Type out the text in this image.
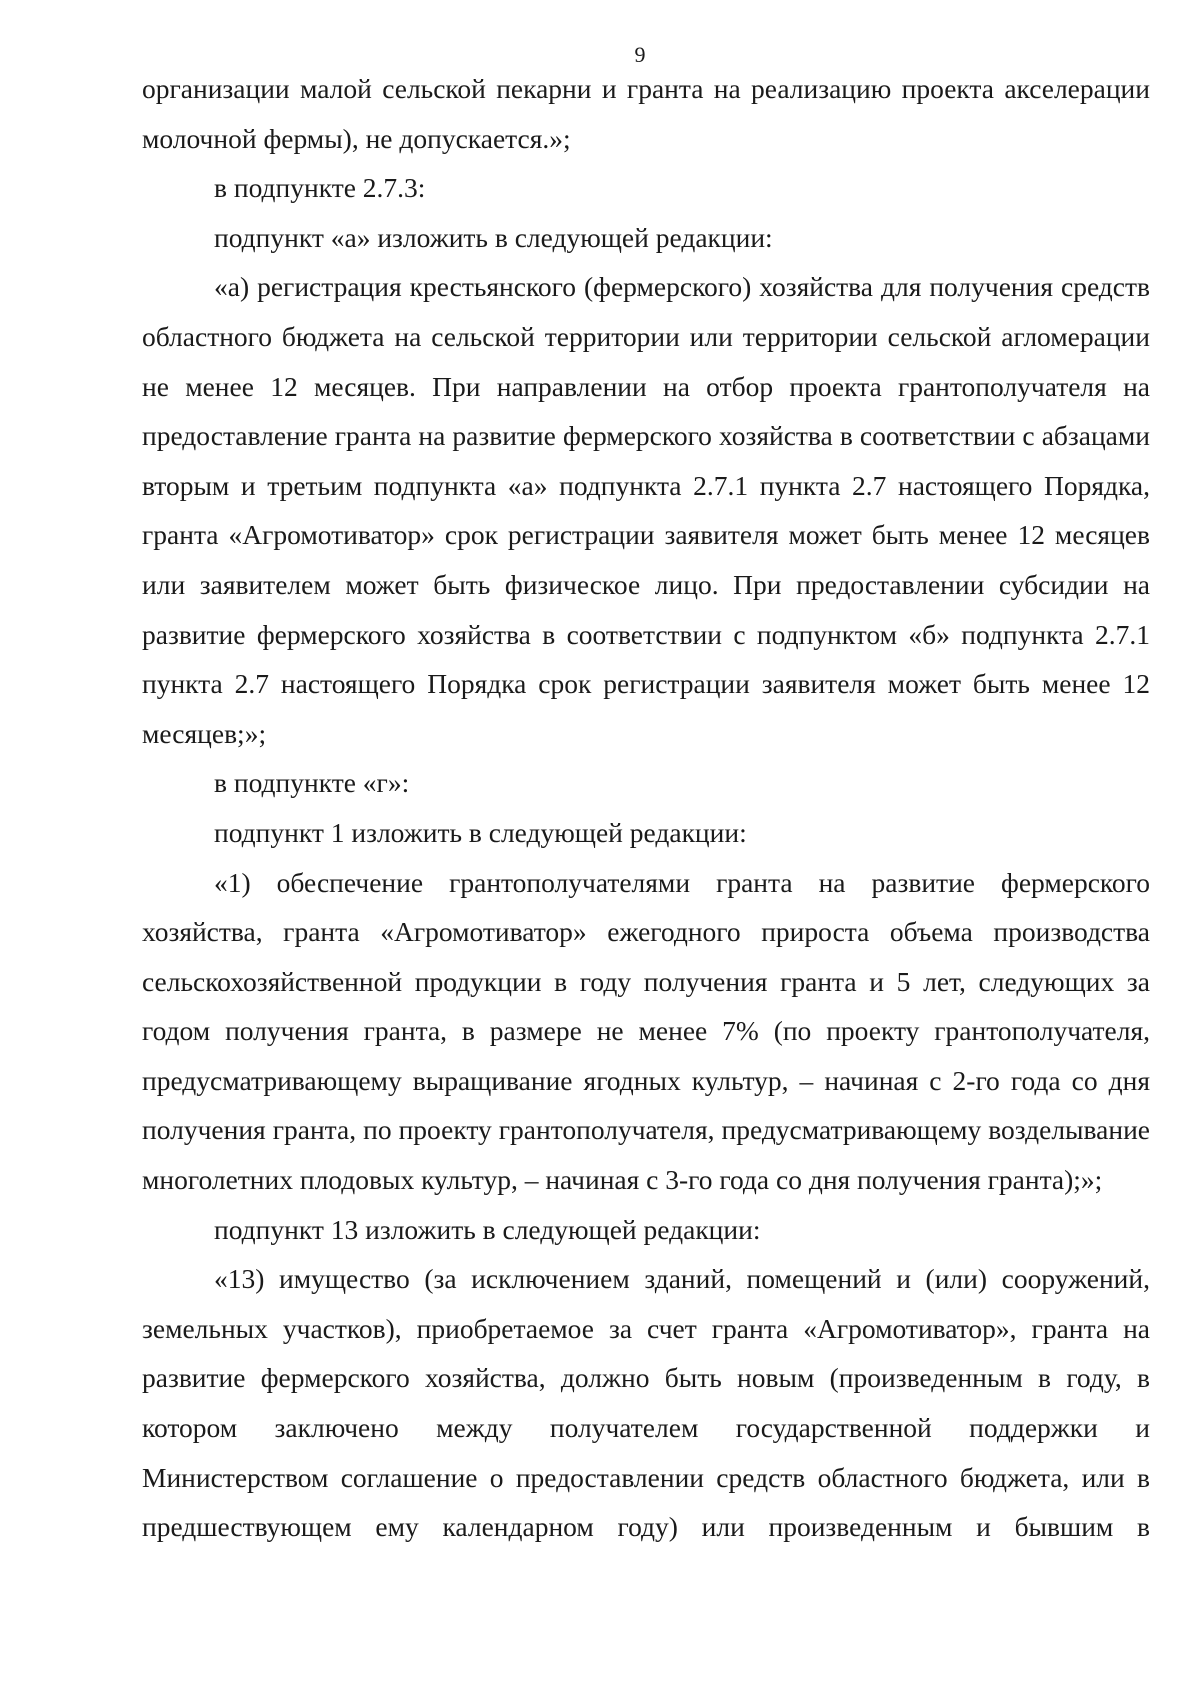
9

организации малой сельской пекарни и гранта на реализацию проекта акселерации молочной фермы), не допускается.»;

в подпункте 2.7.3:

подпункт «а» изложить в следующей редакции:

«а) регистрация крестьянского (фермерского) хозяйства для получения средств областного бюджета на сельской территории или территории сельской агломерации не менее 12 месяцев. При направлении на отбор проекта грантополучателя на предоставление гранта на развитие фермерского хозяйства в соответствии с абзацами вторым и третьим подпункта «а» подпункта 2.7.1 пункта 2.7 настоящего Порядка, гранта «Агромотиватор» срок регистрации заявителя может быть менее 12 месяцев или заявителем может быть физическое лицо. При предоставлении субсидии на развитие фермерского хозяйства в соответствии с подпунктом «б» подпункта 2.7.1 пункта 2.7 настоящего Порядка срок регистрации заявителя может быть менее 12 месяцев;»;

в подпункте «г»:

подпункт 1 изложить в следующей редакции:

«1) обеспечение грантополучателями гранта на развитие фермерского хозяйства, гранта «Агромотиватор» ежегодного прироста объема производства сельскохозяйственной продукции в году получения гранта и 5 лет, следующих за годом получения гранта, в размере не менее 7% (по проекту грантополучателя, предусматривающему выращивание ягодных культур, – начиная с 2-го года со дня получения гранта, по проекту грантополучателя, предусматривающему возделывание многолетних плодовых культур, – начиная с 3-го года со дня получения гранта);»;

подпункт 13 изложить в следующей редакции:

«13) имущество (за исключением зданий, помещений и (или) сооружений, земельных участков), приобретаемое за счет гранта «Агромотиватор», гранта на развитие фермерского хозяйства, должно быть новым (произведенным в году, в котором заключено между получателем государственной поддержки и Министерством соглашение о предоставлении средств областного бюджета, или в предшествующем ему календарном году) или произведенным и бывшим в
